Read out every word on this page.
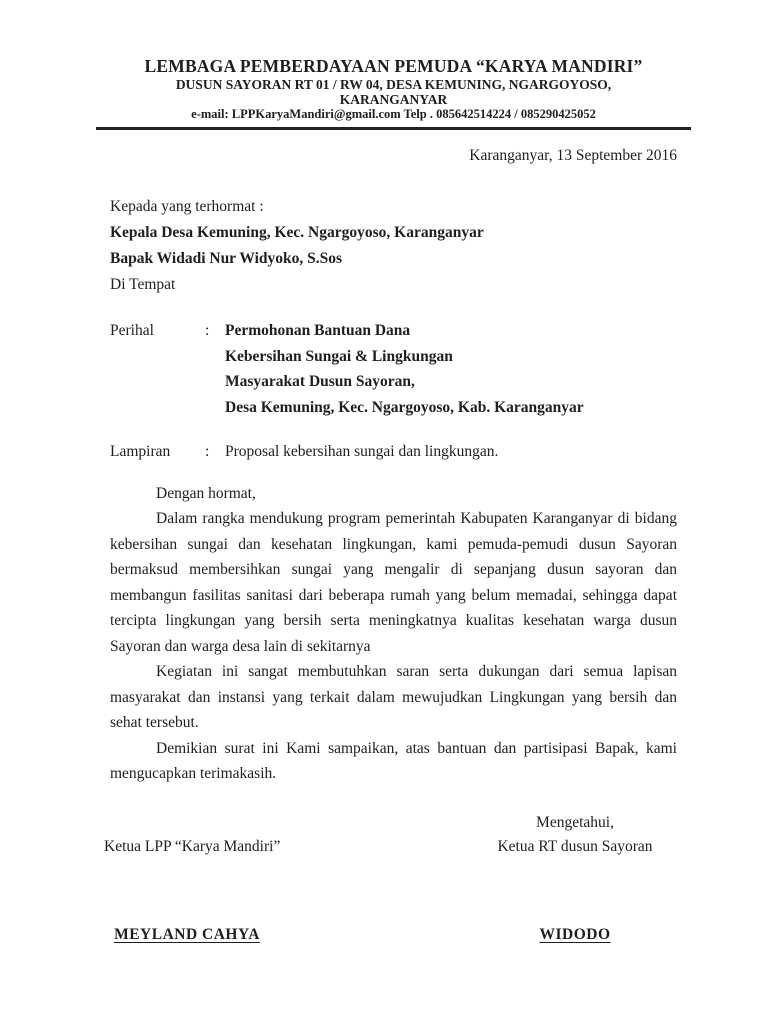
LEMBAGA PEMBERDAYAAN PEMUDA “KARYA MANDIRI”
DUSUN SAYORAN RT 01 / RW 04, DESA KEMUNING, NGARGOYOSO,
KARANGANYAR
e-mail: LPPKaryaMandiri@gmail.com Telp . 085642514224 / 085290425052
Karanganyar, 13 September 2016
Kepada yang terhormat :
Kepala Desa Kemuning, Kec. Ngargoyoso, Karanganyar
Bapak Widadi Nur Widyoko, S.Sos
Di Tempat
Perihal	:	Permohonan Bantuan Dana
Kebersihan Sungai & Lingkungan
Masyarakat Dusun Sayoran,
Desa Kemuning, Kec. Ngargoyoso, Kab. Karanganyar
Lampiran	:	Proposal kebersihan sungai dan lingkungan.

Dengan hormat,

Dalam rangka mendukung program pemerintah Kabupaten Karanganyar di bidang kebersihan sungai dan kesehatan lingkungan, kami pemuda-pemudi dusun Sayoran bermaksud membersihkan sungai yang mengalir di sepanjang dusun sayoran dan membangun fasilitas sanitasi dari beberapa rumah yang belum memadai, sehingga dapat tercipta lingkungan yang bersih serta meningkatnya kualitas kesehatan warga dusun Sayoran dan warga desa lain di sekitarnya

Kegiatan ini sangat membutuhkan saran serta dukungan dari semua lapisan masyarakat dan instansi yang terkait dalam mewujudkan Lingkungan yang bersih dan sehat tersebut.

Demikian surat ini Kami sampaikan, atas bantuan dan partisipasi Bapak, kami mengucapkan terimakasih.

Mengetahui,
Ketua LPP “Karya Mandiri”	Ketua RT dusun Sayoran
MEYLAND CAHYA	WIDODO
